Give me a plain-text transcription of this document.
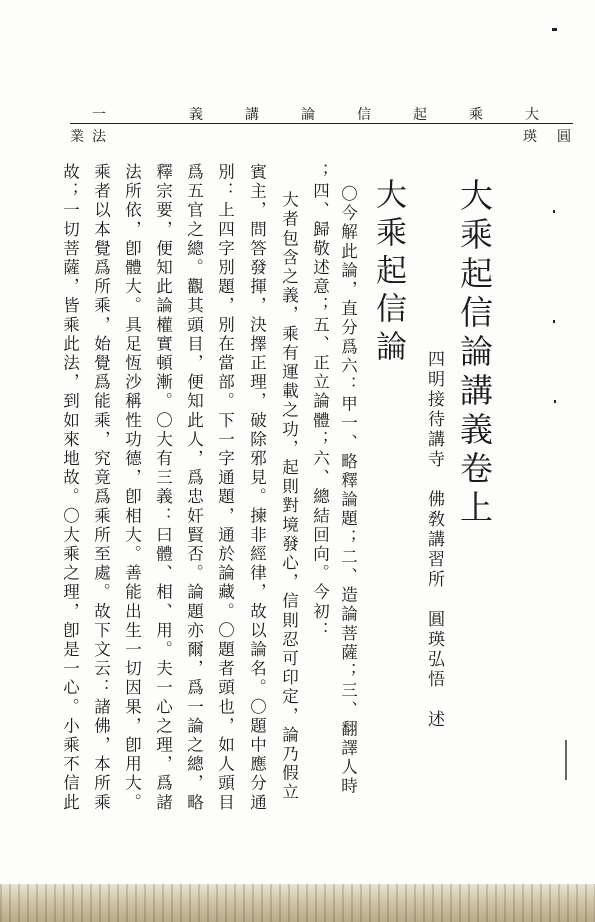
一
法
業
義	講	論	信	起	乘	大
瑛 圓
大乘起信論講義卷上
四明接待講寺　佛敎講習所　圓瑛弘悟　述
大乘起信論
〇今解此論，直分爲六：甲一、略釋論題；二、造論菩薩；三、翻譯人時
；四、歸敬述意；五、正立論體；六、總結回向。今初：
　大者包含之義，乘有運載之功，起則對境發心，信則忍可印定，論乃假立
賓主，問答發揮，決擇正理，破除邪見。揀非經律，故以論名。〇題中應分通
別：上四字別題，別在當部。下一字通題，通於論藏。〇題者頭也，如人頭目
爲五官之總。觀其頭目，便知此人，爲忠奸賢否。論題亦爾，爲一論之總，略
釋宗要，便知此論權實頓漸。〇大有三義：曰體、相、用。夫一心之理，爲諸
法所依，卽體大。具足恆沙稱性功德，卽相大。善能出生一切因果，卽用大。
乘者以本覺爲所乘，始覺爲能乘，究竟爲乘所至處。故下文云：諸佛，本所乘
故；一切菩薩，皆乘此法，到如來地故。〇大乘之理，卽是一心。小乘不信此
